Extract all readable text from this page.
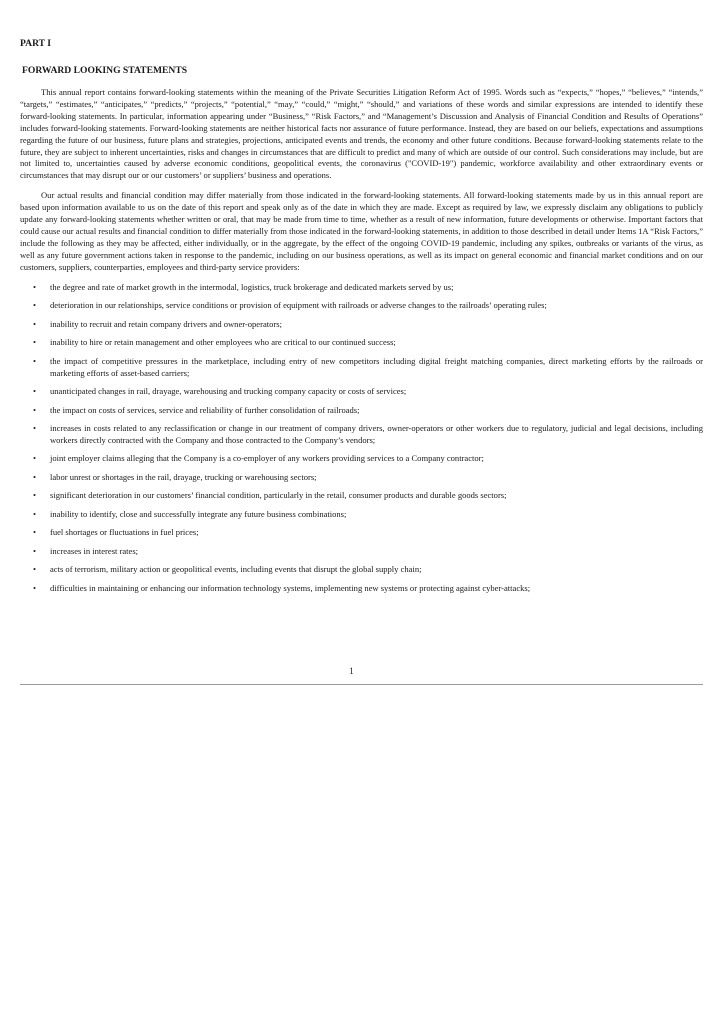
PART I
FORWARD LOOKING STATEMENTS

This annual report contains forward-looking statements within the meaning of the Private Securities Litigation Reform Act of 1995. Words such as “expects,” “hopes,” “believes,” “intends,” “targets,” “estimates,” “anticipates,” “predicts,” “projects,” “potential,” “may,” “could,” “might,” “should,” and variations of these words and similar expressions are intended to identify these forward-looking statements. In particular, information appearing under “Business,” “Risk Factors,” and “Management’s Discussion and Analysis of Financial Condition and Results of Operations” includes forward-looking statements. Forward-looking statements are neither historical facts nor assurance of future performance. Instead, they are based on our beliefs, expectations and assumptions regarding the future of our business, future plans and strategies, projections, anticipated events and trends, the economy and other future conditions. Because forward-looking statements relate to the future, they are subject to inherent uncertainties, risks and changes in circumstances that are difficult to predict and many of which are outside of our control. Such considerations may include, but are not limited to, uncertainties caused by adverse economic conditions, geopolitical events, the coronavirus ("COVID-19") pandemic, workforce availability and other extraordinary events or circumstances that may disrupt our or our customers’ or suppliers’ business and operations.

Our actual results and financial condition may differ materially from those indicated in the forward-looking statements. All forward-looking statements made by us in this annual report are based upon information available to us on the date of this report and speak only as of the date in which they are made. Except as required by law, we expressly disclaim any obligations to publicly update any forward-looking statements whether written or oral, that may be made from time to time, whether as a result of new information, future developments or otherwise. Important factors that could cause our actual results and financial condition to differ materially from those indicated in the forward-looking statements, in addition to those described in detail under Items 1A “Risk Factors,” include the following as they may be affected, either individually, or in the aggregate, by the effect of the ongoing COVID-19 pandemic, including any spikes, outbreaks or variants of the virus, as well as any future government actions taken in response to the pandemic, including on our business operations, as well as its impact on general economic and financial market conditions and on our customers, suppliers, counterparties, employees and third-party service providers:

• the degree and rate of market growth in the intermodal, logistics, truck brokerage and dedicated markets served by us;
• deterioration in our relationships, service conditions or provision of equipment with railroads or adverse changes to the railroads’ operating rules;
• inability to recruit and retain company drivers and owner-operators;
• inability to hire or retain management and other employees who are critical to our continued success;
• the impact of competitive pressures in the marketplace, including entry of new competitors including digital freight matching companies, direct marketing efforts by the railroads or marketing efforts of asset-based carriers;
• unanticipated changes in rail, drayage, warehousing and trucking company capacity or costs of services;
• the impact on costs of services, service and reliability of further consolidation of railroads;
• increases in costs related to any reclassification or change in our treatment of company drivers, owner-operators or other workers due to regulatory, judicial and legal decisions, including workers directly contracted with the Company and those contracted to the Company’s vendors;
• joint employer claims alleging that the Company is a co-employer of any workers providing services to a Company contractor;
• labor unrest or shortages in the rail, drayage, trucking or warehousing sectors;
• significant deterioration in our customers’ financial condition, particularly in the retail, consumer products and durable goods sectors;
• inability to identify, close and successfully integrate any future business combinations;
• fuel shortages or fluctuations in fuel prices;
• increases in interest rates;
• acts of terrorism, military action or geopolitical events, including events that disrupt the global supply chain;
• difficulties in maintaining or enhancing our information technology systems, implementing new systems or protecting against cyber-attacks;
1
